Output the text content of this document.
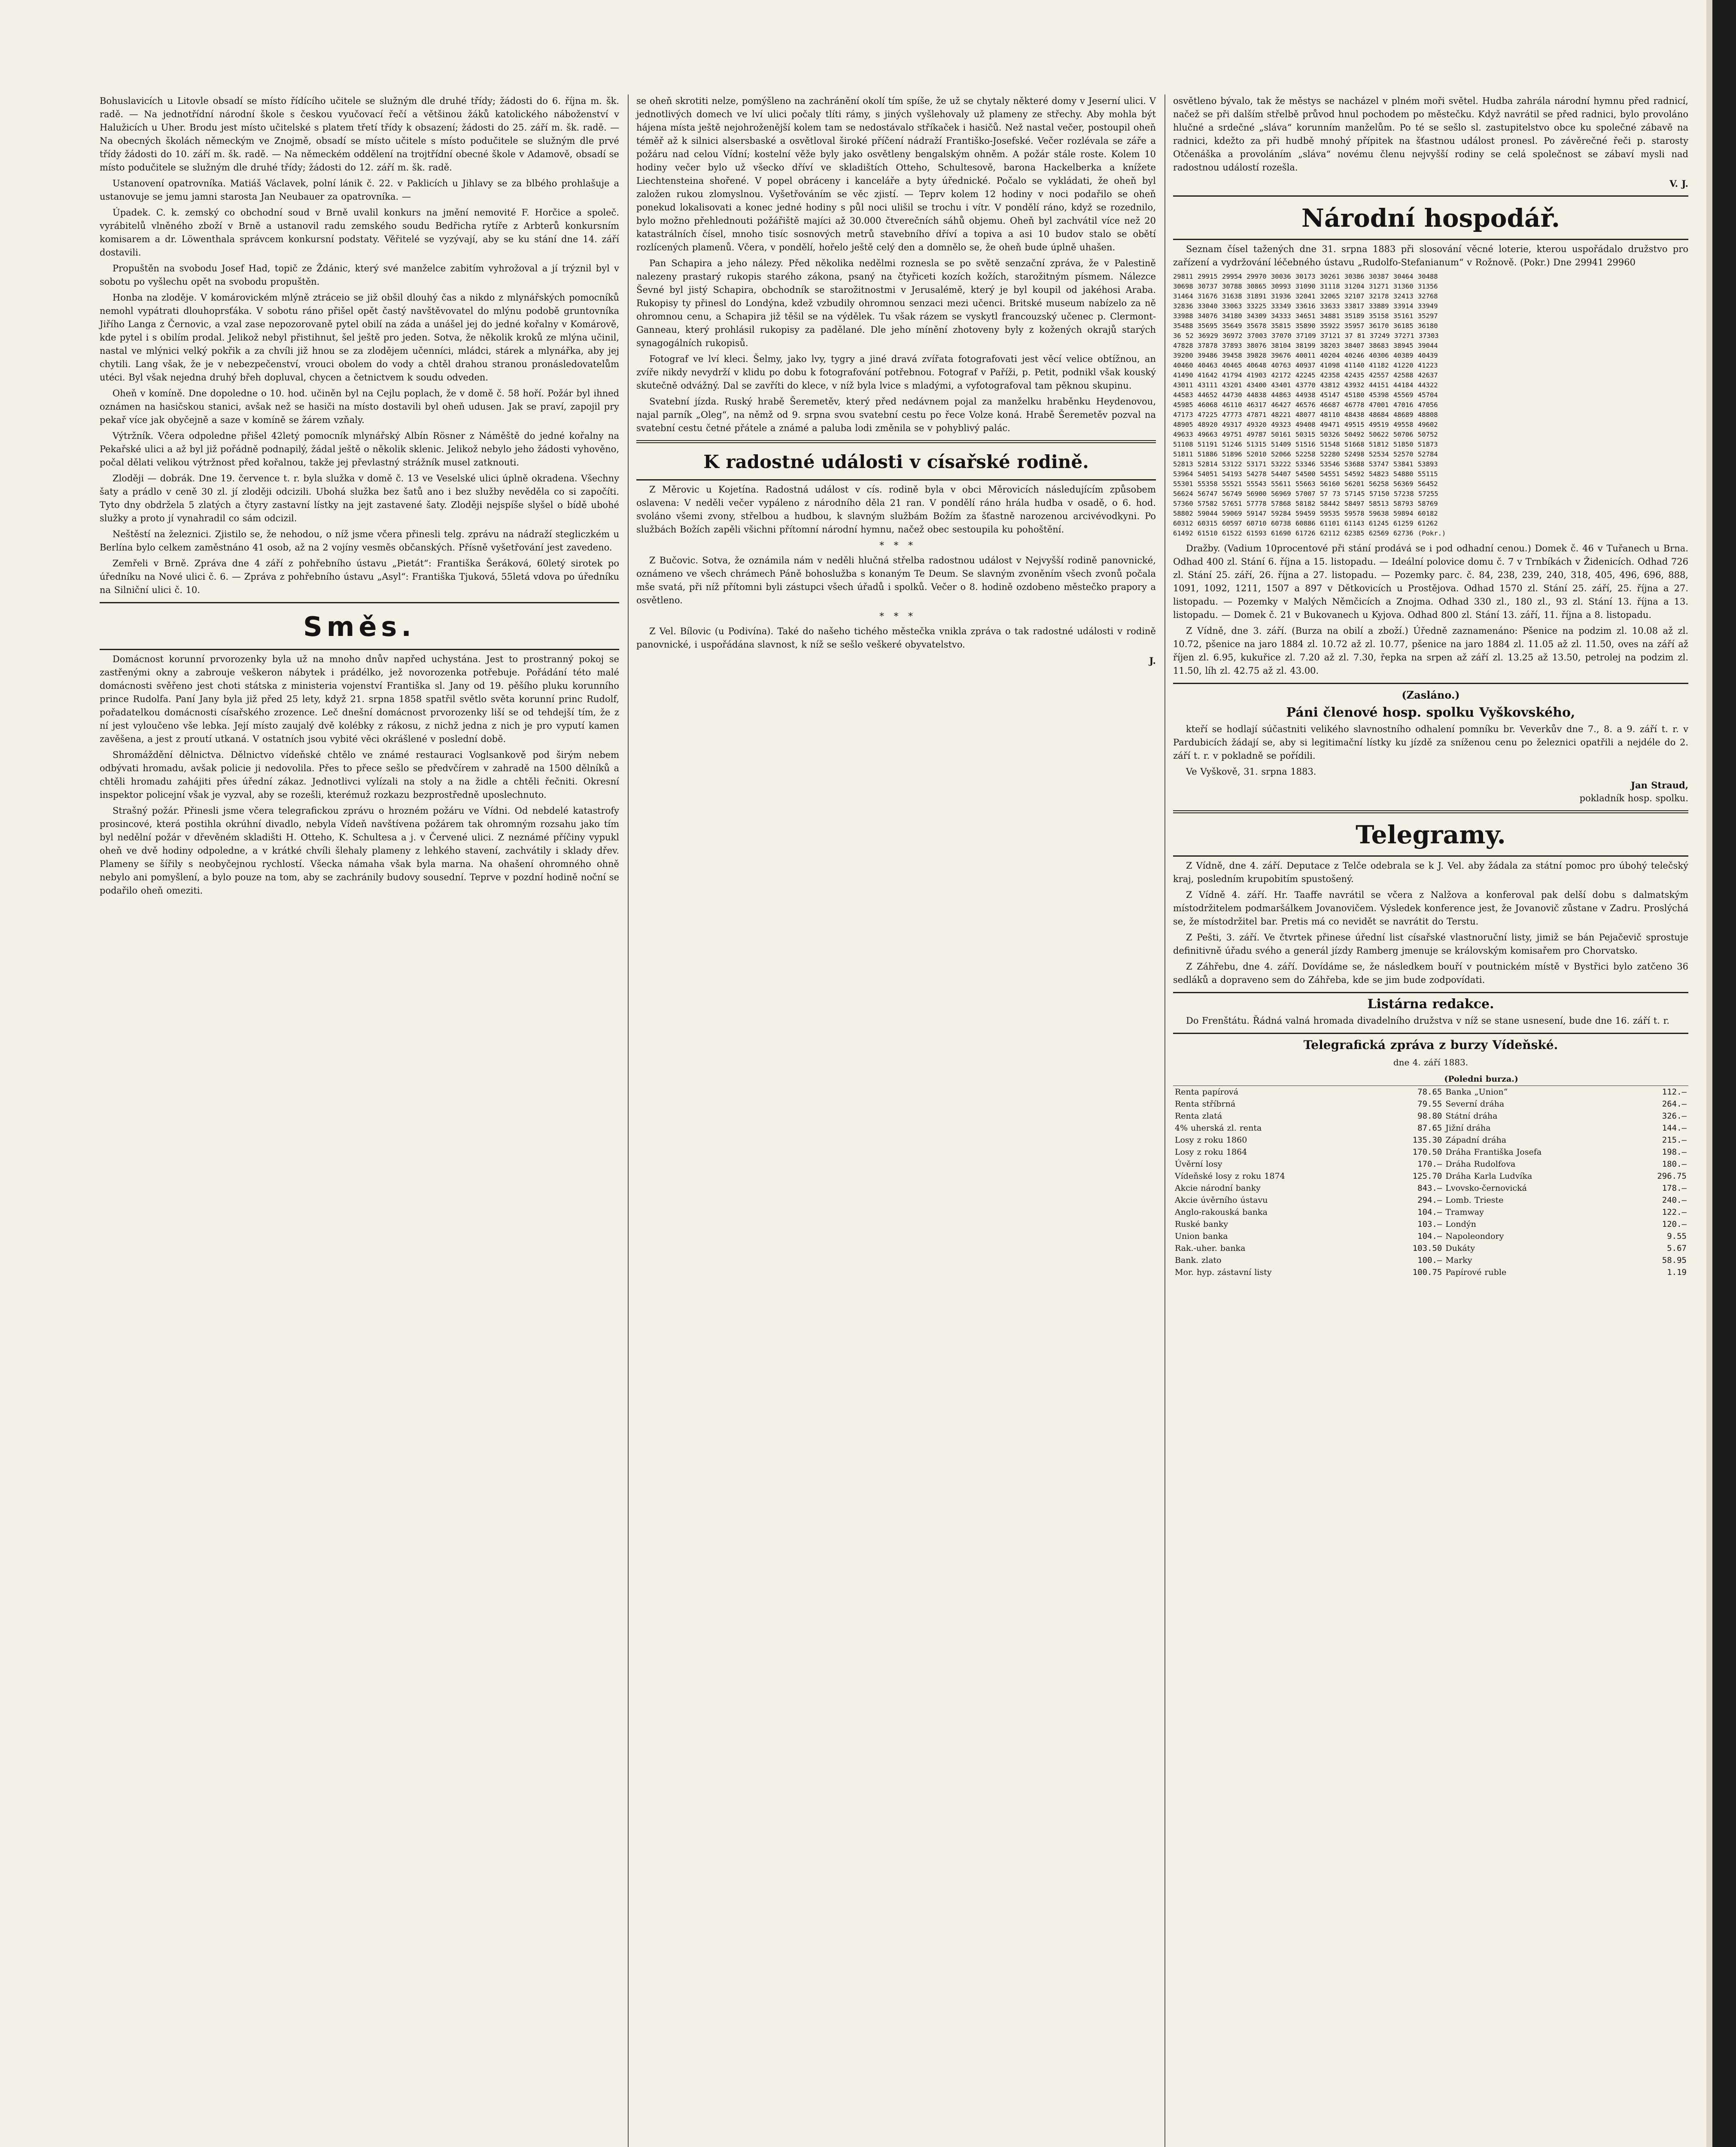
Bohuslavicích u Litovle obsadí se místo řídícího učitele se služným dle druhé třídy; žádosti do 6. října m. šk. radě. — Na jednotřídní národní škole s českou vyučovací řečí a většinou žáků katolického náboženství v Halužicích u Uher. Brodu jest místo učitelské s platem třetí třídy k obsazení; žádosti do 25. září m. šk. radě. — Na obecných školách německým ve Znojmě, obsadí se místo učitele s místo podučitele se služným dle prvé třídy žádosti do 10. září m. šk. radě. — Na německém oddělení na trojtřídní obecné škole v Adamově, obsadí se místo podučitele se služným dle druhé třídy; žádosti do 12. září m. šk. radě.

Ustanovení opatrovníka. Matiáš Václavek, polní lánik č. 22. v Paklicích u Jihlavy se za blbého prohlašuje a ustanovuje se jemu jamni starosta Jan Neubauer za opatrovníka. —

Úpadek. C. k. zemský co obchodní soud v Brně uvalil konkurs na jmění nemovité F. Horčice a společ. vyrábitelů vlněného zboží v Brně a ustanovil radu zemského soudu Bedřicha rytíře z Arbterů konkursním komisarem a dr. Löwenthala správcem konkursní podstaty. Věřitelé se vyzývají, aby se ku stání dne 14. září dostavili.

Propuštěn na svobodu Josef Had, topič ze Ždánic, který své manželce zabitím vyhrožoval a jí trýznil byl v sobotu po vyšlechu opět na svobodu propuštěn.

Honba na zloděje. V komárovickém mlýně ztráceio se již obšil dlouhý čas a nikdo z mlynářských pomocníků nemohl vypátrati dlouhoprsťáka. V sobotu ráno přišel opět častý navštěvovatel do mlýnu podobě gruntovníka Jiřího Langa z Černovic, a vzal zase nepozorovaně pytel obilí na záda a unášel jej do jedné kořalny v Komárově, kde pytel i s obilím prodal. Jelikož nebyl přistihnut, šel ještě pro jeden. Sotva, že několik kroků ze mlýna učinil, nastal ve mlýnici velký pokřik a za chvíli již hnou se za zlodějem učenníci, mládci, stárek a mlynářka, aby jej chytili. Lang však, že je v nebezpečenství, vrouci obolem do vody a chtěl drahou stranou pronásledovatelům utéci. Byl však nejedna druhý břeh dopluval, chycen a četnictvem k soudu odveden.

Oheň v komíně. Dne dopoledne o 10. hod. učiněn byl na Cejlu poplach, že v domě č. 58 hoří. Požár byl ihned oznámen na hasičskou stanici, avšak než se hasiči na místo dostavili byl oheň udusen. Jak se praví, zapojil pry pekař více jak obyčejně a saze v komíně se žárem vzňaly.

Výtržník. Včera odpoledne přišel 42letý pomocník mlynářský Albín Rösner z Náměště do jedné kořalny na Pekařské ulici a až byl již pořádně podnapilý, žádal ještě o několik sklenic. Jelikož nebylo jeho žádosti vyhověno, počal dělati velikou výtržnost před kořalnou, takže jej převlastný strážník musel zatknouti.

Zloději — dobrák. Dne 19. července t. r. byla služka v domě č. 13 ve Veselské ulici úplně okradena. Všechny šaty a prádlo v ceně 30 zl. jí zloději odcizili. Ubohá služka bez šatů ano i bez služby nevěděla co si započíti. Tyto dny obdržela 5 zlatých a čtyry zastavní lístky na jejt zastavené šaty. Zloději nejspíše slyšel o bídě ubohé služky a proto jí vynahradil co sám odcizil.

Neštěstí na železnici. Zjistilo se, že nehodou, o níž jsme včera přinesli telg. zprávu na nádraží stegliczkém u Berlína bylo celkem zaměstnáno 41 osob, až na 2 vojíny vesměs občanských. Přísně vyšetřování jest zavedeno.

Zemřeli v Brně. Zpráva dne 4 září z pohřebního ústavu „Pietát“: Františka Šeráková, 60letý sirotek po úředníku na Nové ulici č. 6. — Zpráva z pohřebního ústavu „Asyl“: Františka Tjuková, 55letá vdova po úředníku na Silniční ulici č. 10.

Směs.

Domácnost korunní prvorozenky byla už na mnoho dnův napřed uchystána. Jest to prostranný pokoj se zastřenými okny a zabrouje veškeron nábytek i prádélko, jež novorozenka potřebuje. Pořádání této malé domácnosti svěřeno jest choti státska z ministeria vojenství Františka sl. Jany od 19. pěšího pluku korunního prince Rudolfa. Paní Jany byla již před 25 lety, když 21. srpna 1858 spatřil světlo světa korunní princ Rudolf, pořadatelkou domácnosti císařského zrozence. Leč dnešní domácnost prvorozenky liší se od tehdejší tím, že z ní jest vyloučeno vše lebka. Její místo zaujalý dvě kolébky z rákosu, z nichž jedna z nich je pro vyputí kamen zavěšena, a jest z proutí utkaná. V ostatních jsou vybité věci okrášlené v poslední době.

Shromáždění dělnictva. Dělnictvo vídeňské chtělo ve známé restauraci Voglsankově pod širým nebem odbývati hromadu, avšak policie ji nedovolila. Přes to přece sešlo se předvčírem v zahradě na 1500 dělníků a chtěli hromadu zahájiti přes úřední zákaz. Jednotlivci vylízali na stoly a na židle a chtěli řečniti. Okresní inspektor policejní však je vyzval, aby se rozešli, kterémuž rozkazu bezprostředně uposlechnuto.

Strašný požár. Přinesli jsme včera telegrafickou zprávu o hrozném požáru ve Vídni. Od nebdelé katastrofy prosincové, která postihla okrúhní divadlo, nebyla Vídeň navštívena požárem tak ohromným rozsahu jako tím byl nedělní požár v dřevěném skladišti H. Otteho, K. Schultesa a j. v Červené ulici. Z neznámé příčiny vypukl oheň ve dvě hodiny odpoledne, a v krátké chvíli šlehaly plameny z lehkého stavení, zachvátily i sklady dřev. Plameny se šířily s neobyčejnou rychlostí. Všecka námaha však byla marna. Na ohašení ohromného ohně nebylo ani pomyšlení, a bylo pouze na tom, aby se zachránily budovy sousední. Teprve v pozdní hodině noční se podařilo oheň omeziti.

se oheň skrotiti nelze, pomýšleno na zachránění okolí tím spíše, že už se chytaly některé domy v Jeserní ulici. V jednotlivých domech ve lví ulici počaly tlíti rámy, s jiných vyšlehovaly už plameny ze střechy. Aby mohla být hájena místa ještě nejohroženější kolem tam se nedostávalo stříkaček i hasičů. Než nastal večer, postoupil oheň téměř až k silnici alsersbaské a osvětloval široké příčení nádraží Františko-Josefské. Večer rozlévala se záře a požáru nad celou Vídní; kostelní věže byly jako osvětleny bengalským ohněm. A požár stále roste. Kolem 10 hodiny večer bylo už všecko dříví ve skladištích Otteho, Schultesově, barona Hackelberka a knížete Liechtensteina shořené. V popel obráceny i kanceláře a byty úřednické. Počalo se vykládati, že oheň byl založen rukou zlomyslnou. Vyšetřováním se věc zjistí. — Teprv kolem 12 hodiny v noci podařilo se oheň ponekud lokalisovati a konec jedné hodiny s půl noci ulišil se trochu i vítr. V pondělí ráno, když se rozednilo, bylo možno přehlednouti požářiště majíci až 30.000 čtverečních sáhů objemu. Oheň byl zachvátil více než 20 katastrálních čísel, mnoho tisíc sosnových metrů stavebního dříví a topiva a asi 10 budov stalo se obětí rozlícených plamenů. Včera, v pondělí, hořelo ještě celý den a domnělo se, že oheň bude úplně uhašen.

Pan Schapira a jeho nálezy. Před několika nedělmi roznesla se po světě senzační zpráva, že v Palestině nalezeny prastarý rukopis starého zákona, psaný na čtyřiceti kozích kožích, starožitným písmem. Nálezce Ševné byl jistý Schapira, obchodník se starožitnostmi v Jerusalémě, který je byl koupil od jakéhosi Araba. Rukopisy ty přinesl do Londýna, kdež vzbudily ohromnou senzaci mezi učenci. Britské museum nabízelo za ně ohromnou cenu, a Schapira již těšil se na výdělek. Tu však rázem se vyskytl francouzský učenec p. Clermont-Ganneau, který prohlásil rukopisy za padělané. Dle jeho mínění zhotoveny byly z kožených okrajů starých synagogálních rukopisů.

Fotograf ve lví kleci. Šelmy, jako lvy, tygry a jiné dravá zvířata fotografovati jest věcí velice obtížnou, an zvíře nikdy nevydrží v klidu po dobu k fotografování potřebnou. Fotograf v Paříži, p. Petit, podnikl však kouský skutečně odvážný. Dal se zavříti do klece, v níž byla lvice s mladými, a vyfotografoval tam pěknou skupinu.

Svatební jízda. Ruský hrabě Šeremetěv, který před nedávnem pojal za manželku hraběnku Heydenovou, najal parník „Oleg“, na němž od 9. srpna svou svatební cestu po řece Volze koná. Hrabě Šeremetěv pozval na svatební cestu četné přátele a známé a paluba lodi změnila se v pohyblivý palác.

K radostné události v císařské rodině.

Z Měrovic u Kojetína. Radostná událost v cís. rodině byla v obci Měrovicích následujícím způsobem oslavena: V neděli večer vypáleno z národního děla 21 ran. V pondělí ráno hrála hudba v osadě, o 6. hod. svoláno všemi zvony, střelbou a hudbou, k slavným službám Božím za šťastně narozenou arcivévodkyni. Po službách Božích zapěli všichni přítomní národní hymnu, načež obec sestoupila ku pohoštění.

*   *   *

Z Bučovic. Sotva, že oznámila nám v neděli hlučná střelba radostnou událost v Nejvyšší rodině panovnické, oznámeno ve všech chrámech Páně bohoslužba s konaným Te Deum. Se slavným zvoněním všech zvonů počala mše svatá, při níž přítomni byli zástupci všech úřadů i spolků. Večer o 8. hodině ozdobeno městečko prapory a osvětleno.

*   *   *

Z Vel. Bílovic (u Podivína). Také do našeho tichého městečka vnikla zpráva o tak radostné události v rodině panovnické, i uspořádána slavnost, k níž se sešlo veškeré obyvatelstvo.

J.

osvětleno bývalo, tak že městys se nacházel v plném moři světel. Hudba zahrála národní hymnu před radnicí, načež se při dalším střelbě průvod hnul pochodem po městečku. Když navrátil se před radnici, bylo provoláno hlučné a srdečné „sláva“ korunním manželům. Po té se sešlo sl. zastupitelstvo obce ku společné zábavě na radnici, kdežto za při hudbě mnohý přípitek na šťastnou událost pronesl. Po závěrečné řeči p. starosty Otčenáška a provoláním „sláva“ novému členu nejvyšší rodiny se celá společnost se zábaví mysli nad radostnou událostí rozešla.

V. J.
Národní hospodář.

Seznam čísel tažených dne 31. srpna 1883 při slosování věcné loterie, kterou uspořádalo družstvo pro zařízení a vydržování léčebného ústavu „Rudolfo-Stefanianum“ v Rožnově. (Pokr.) Dne 29941 29960

29811 29915 29954 29970 30036 30173 30261 30386 30387 30464 30488
30698 30737 30788 30865 30993 31090 31118 31204 31271 31360 31356
31464 31676 31638 31891 31936 32041 32065 32107 32178 32413 32768
32836 33040 33063 33225 33349 33616 33633 33817 33889 33914 33949
33988 34076 34180 34309 34333 34651 34881 35189 35158 35161 35297
35488 35695 35649 35678 35815 35890 35922 35957 36170 36185 36180
36 52 36929 36972 37003 37070 37109 37121 37 81 37249 37271 37303
47828 37878 37893 38076 38104 38199 38203 38407 38683 38945 39044
39200 39486 39458 39828 39676 40011 40204 40246 40306 40389 40439
40460 40463 40465 40648 40763 40937 41098 41140 41182 41220 41223
41490 41642 41794 41903 42172 42245 42358 42435 42557 42588 42637
43011 43111 43201 43400 43401 43770 43812 43932 44151 44184 44322
44583 44652 44730 44838 44863 44938 45147 45180 45398 45569 45704
45985 46068 46110 46317 46427 46576 46687 46778 47001 47016 47056
47173 47225 47773 47871 48221 48077 48110 48438 48684 48689 48808
48905 48920 49317 49320 49323 49408 49471 49515 49519 49558 49602
49633 49663 49751 49787 50161 50315 50326 50492 50622 50706 50752
51108 51191 51246 51315 51409 51516 51548 51668 51812 51850 51873
51811 51886 51896 52010 52066 52258 52280 52498 52534 52570 52784
52813 52814 53122 53171 53222 53346 53546 53688 53747 53841 53893
53964 54051 54193 54278 54407 54500 54551 54592 54823 54880 55115
55301 55358 55521 55543 55611 55663 56160 56201 56258 56369 56452
56624 56747 56749 56900 56969 57007 57 73 57145 57150 57238 57255
57360 57582 57651 57778 57868 58182 58442 58497 58513 58793 58769
58802 59044 59069 59147 59284 59459 59535 59578 59638 59894 60182
60312 60315 60597 60710 60738 60886 61101 61143 61245 61259 61262
61492 61510 61522 61593 61690 61726 62112 62385 62569 62736 (Pokr.)

Dražby. (Vadium 10procentové při stání prodává se i pod odhadní cenou.) Domek č. 46 v Tuřanech u Brna. Odhad 400 zl. Stání 6. října a 15. listopadu. — Ideální polovice domu č. 7 v Trnbíkách v Židenicích. Odhad 726 zl. Stání 25. září, 26. října a 27. listopadu. — Pozemky parc. č. 84, 238, 239, 240, 318, 405, 496, 696, 888, 1091, 1092, 1211, 1507 a 897 v Dětkovicích u Prostějova. Odhad 1570 zl. Stání 25. září, 25. října a 27. listopadu. — Pozemky v Malých Němčicích a Znojma. Odhad 330 zl., 180 zl., 93 zl. Stání 13. října a 13. listopadu. — Domek č. 21 v Bukovanech u Kyjova. Odhad 800 zl. Stání 13. září, 11. října a 8. listopadu.

Z Vídně, dne 3. září. (Burza na obilí a zboží.) Úředně zaznamenáno: Pšenice na podzim zl. 10.08 až zl. 10.72, pšenice na jaro 1884 zl. 10.72 až zl. 10.77, pšenice na jaro 1884 zl. 11.05 až zl. 11.50, oves na září až říjen zl. 6.95, kukuřice zl. 7.20 až zl. 7.30, řepka na srpen až září zl. 13.25 až 13.50, petrolej na podzim zl. 11.50, líh zl. 42.75 až zl. 43.00.

(Zasláno.)
Páni členové hosp. spolku Vyškovského,

kteří se hodlají súčastniti velikého slavnostního odhalení pomníku br. Veverkův dne 7., 8. a 9. září t. r. v Pardubicích žádají se, aby si legitimační lístky ku jízdě za sníženou cenu po železnici opatřili a nejdéle do 2. září t. r. v pokladně se pořídili.

Ve Vyškově, 31. srpna 1883.
Jan Straud,
pokladník hosp. spolku.
Telegramy.

Z Vídně, dne 4. září. Deputace z Telče odebrala se k J. Vel. aby žádala za státní pomoc pro úbohý telečský kraj, posledním krupobitím spustošený.

Z Vídně 4. září. Hr. Taaffe navrátil se včera z Nalžova a konferoval pak delší dobu s dalmatským místodržitelem podmaršálkem Jovanovičem. Výsledek konference jest, že Jovanovič zůstane v Zadru. Proslýchá se, že místodržitel bar. Pretis má co nevidět se navrátit do Terstu.

Z Pešti, 3. září. Ve čtvrtek přinese úřední list císařské vlastnoruční listy, jimiž se bán Pejačevič sprostuje definitivně úřadu svého a generál jízdy Ramberg jmenuje se královským komisařem pro Chorvatsko.

Z Záhřebu, dne 4. září. Dovídáme se, že následkem bouří v poutnickém místě v Bystřici bylo zatčeno 36 sedláků a dopraveno sem do Záhřeba, kde se jim bude zodpovídati.

Listárna redakce.

Do Frenštátu. Řádná valná hromada divadelního družstva v níž se stane usnesení, bude dne 16. září t. r.

Telegrafická zpráva z burzy Vídeňské.
dne 4. září 1883.
		(Poledni burza.)	
Renta papírová	78.65	Banka „Union“	112.—
Renta stříbrná	79.55	Severní dráha	264.—
Renta zlatá	98.80	Státní dráha	326.—
4% uherská zl. renta	87.65	Jižní dráha	144.—
Losy z roku 1860	135.30	Západní dráha	215.—
Losy z roku 1864	170.50	Dráha Františka Josefa	198.—
Úvěrní losy	170.—	Dráha Rudolfova	180.—
Vídeňské losy z roku 1874	125.70	Dráha Karla Ludvíka	296.75
Akcie národní banky	843.—	Lvovsko-černovická	178.—
Akcie úvěrního ústavu	294.—	Lomb. Trieste	240.—
Anglo-rakouská banka	104.—	Tramway	122.—
Ruské banky	103.—	Londýn	120.—
Union banka	104.—	Napoleondory	9.55
Rak.-uher. banka	103.50	Dukáty	5.67
Bank. zlato	100.—	Marky	58.95
Mor. hyp. zástavní listy	100.75	Papírové ruble	1.19
